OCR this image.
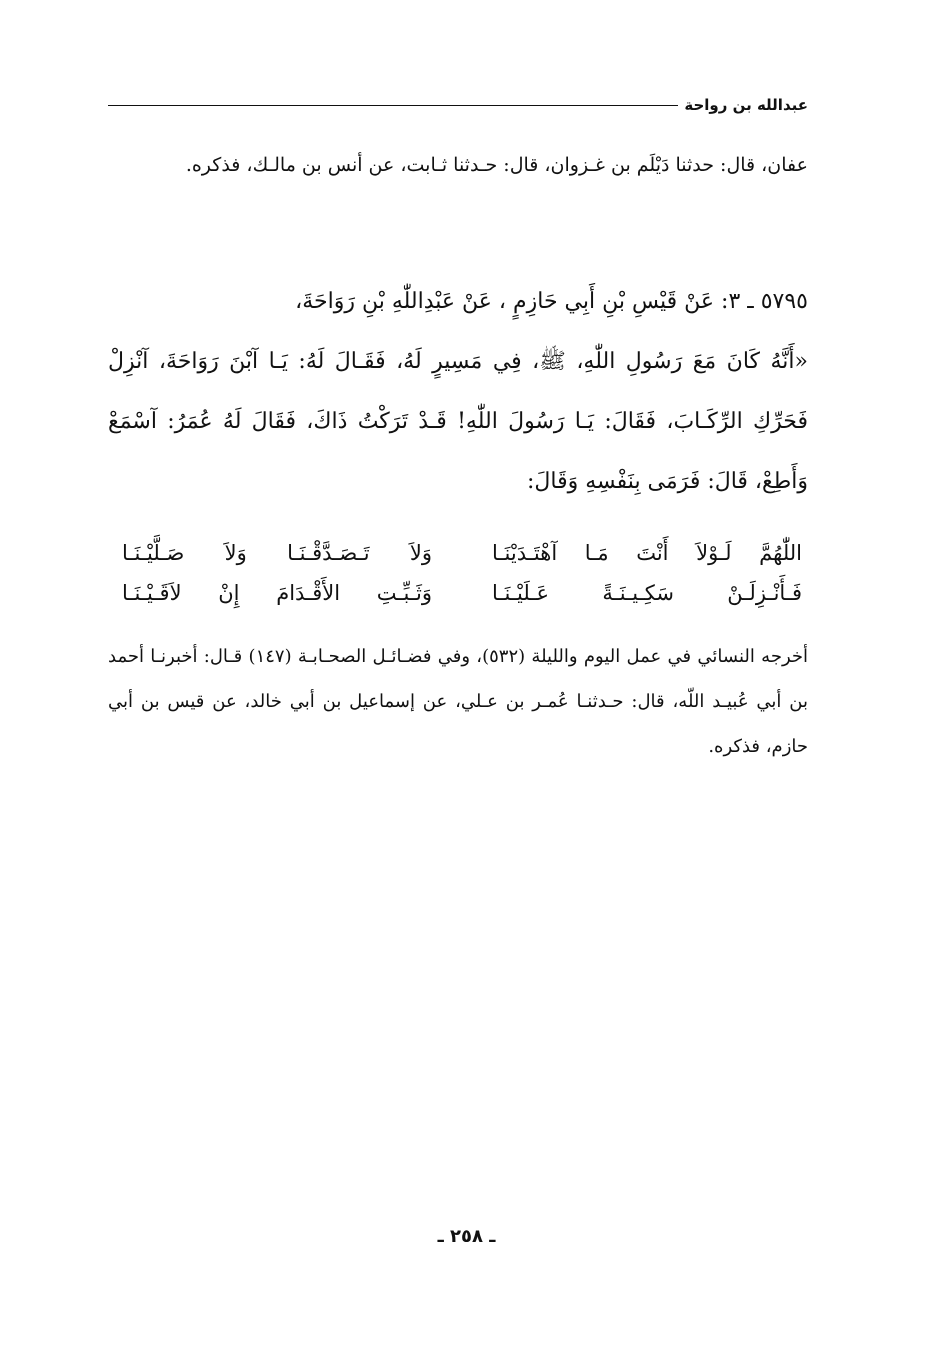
عبدالله بن رواحة

عفان، قال: حدثنا دَيْلَم بن غـزوان، قال: حـدثنا ثـابت، عن أنس بن مالـك، فذكره.

٥٧٩٥ ـ ٣: عَنْ قَيْسِ بْنِ أَبِي حَازِمٍ ، عَنْ عَبْدِاللّٰهِ بْنِ رَوَاحَةَ،
«أَنَّهُ كَانَ مَعَ رَسُولِ اللّٰهِ، ﷺ، فِي مَسِيرٍ لَهُ، فَقَـالَ لَهُ: يَـا آبْنَ رَوَاحَةَ، آنْزِلْ فَحَرِّكِ الرِّكَـابَ، فَقَالَ: يَـا رَسُولَ اللّٰهِ! قَـدْ تَرَكْتُ ذَاكَ، فَقَالَ لَهُ عُمَرُ: آسْمَعْ وَأَطِعْ، قَالَ: فَرَمَى بِنَفْسِهِ وَقَالَ:

اللّٰهُمَّ لَـوْلاَ أَنْتَ مَـا آهْتَـدَيْنَـا
وَلاَ تَـصَـدَّقْـنَـا وَلاَ صَـلَّيْـنَـا
فَـأَنْـزِلَـنْ سَكِـيـنَـةً عَـلَيْـنَـا
وَثَـبِّـتِ الأَقْـدَامَ إِنْ لاَقَـيْـنَـا

أخرجه النسائي في عمل اليوم والليلة (٥٣٢)، وفي فضـائـل الصحـابـة (١٤٧) قـال: أخبرنـا أحمد بن أبي عُبيـد اللّه، قال: حـدثنـا عُمـر بن عـلي، عن إسماعيل بن أبي خالد، عن قيس بن أبي حازم، فذكره.

ـ ٢٥٨ ـ
